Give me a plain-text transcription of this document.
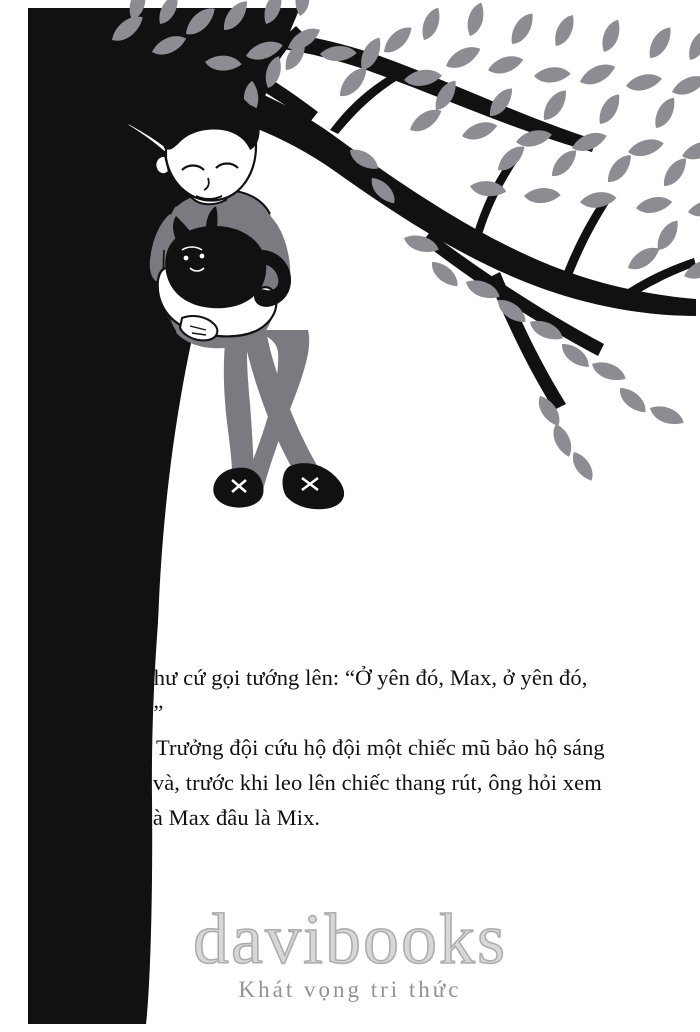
đưa thư cứ gọi tướng lên: “Ở yên đó, Max, ở yên đó, Mix!”

Trưởng đội cứu hộ đội một chiếc mũ bảo hộ sáng chói và, trước khi leo lên chiếc thang rút, ông hỏi xem đâu là Max đâu là Mix.

Khát vọng tri thức
